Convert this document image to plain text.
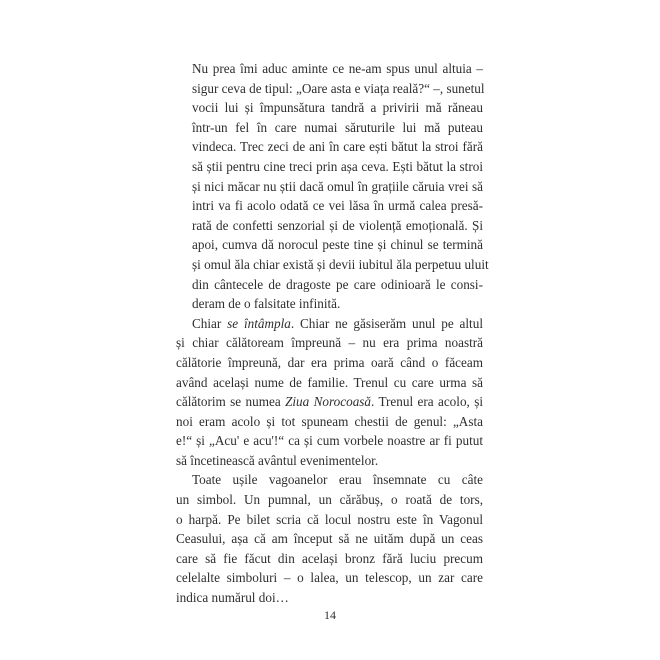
Nu prea îmi aduc aminte ce ne-am spus unul altuia –
sigur ceva de tipul: „Oare asta e viața reală?“ –, sunetul
vocii lui și împunsătura tandră a privirii mă răneau
într-un fel în care numai săruturile lui mă puteau
vindeca. Trec zeci de ani în care ești bătut la stroi fără
să știi pentru cine treci prin așa ceva. Ești bătut la stroi
și nici măcar nu știi dacă omul în grațiile căruia vrei să
intri va fi acolo odată ce vei lăsa în urmă calea presă-
rată de confetti senzorial și de violență emoțională. Și
apoi, cumva dă norocul peste tine și chinul se termină
și omul ăla chiar există și devii iubitul ăla perpetuu uluit
din cântecele de dragoste pe care odinioară le consi-
deram de o falsitate infinită.
Chiar se întâmpla. Chiar ne găsiserăm unul pe altul
și chiar călătoream împreună – nu era prima noastră
călătorie împreună, dar era prima oară când o făceam
având același nume de familie. Trenul cu care urma să
călătorim se numea Ziua Norocoasă. Trenul era acolo, și
noi eram acolo și tot spuneam chestii de genul: „Asta
e!“ și „Acu' e acu'!“ ca și cum vorbele noastre ar fi putut
să încetinească avântul evenimentelor.
Toate ușile vagoanelor erau însemnate cu câte
un simbol. Un pumnal, un cărăbuș, o roată de tors,
o harpă. Pe bilet scria că locul nostru este în Vagonul
Ceasului, așa că am început să ne uităm după un ceas
care să fie făcut din același bronz fără luciu precum
celelalte simboluri – o lalea, un telescop, un zar care
indica numărul doi…
14
